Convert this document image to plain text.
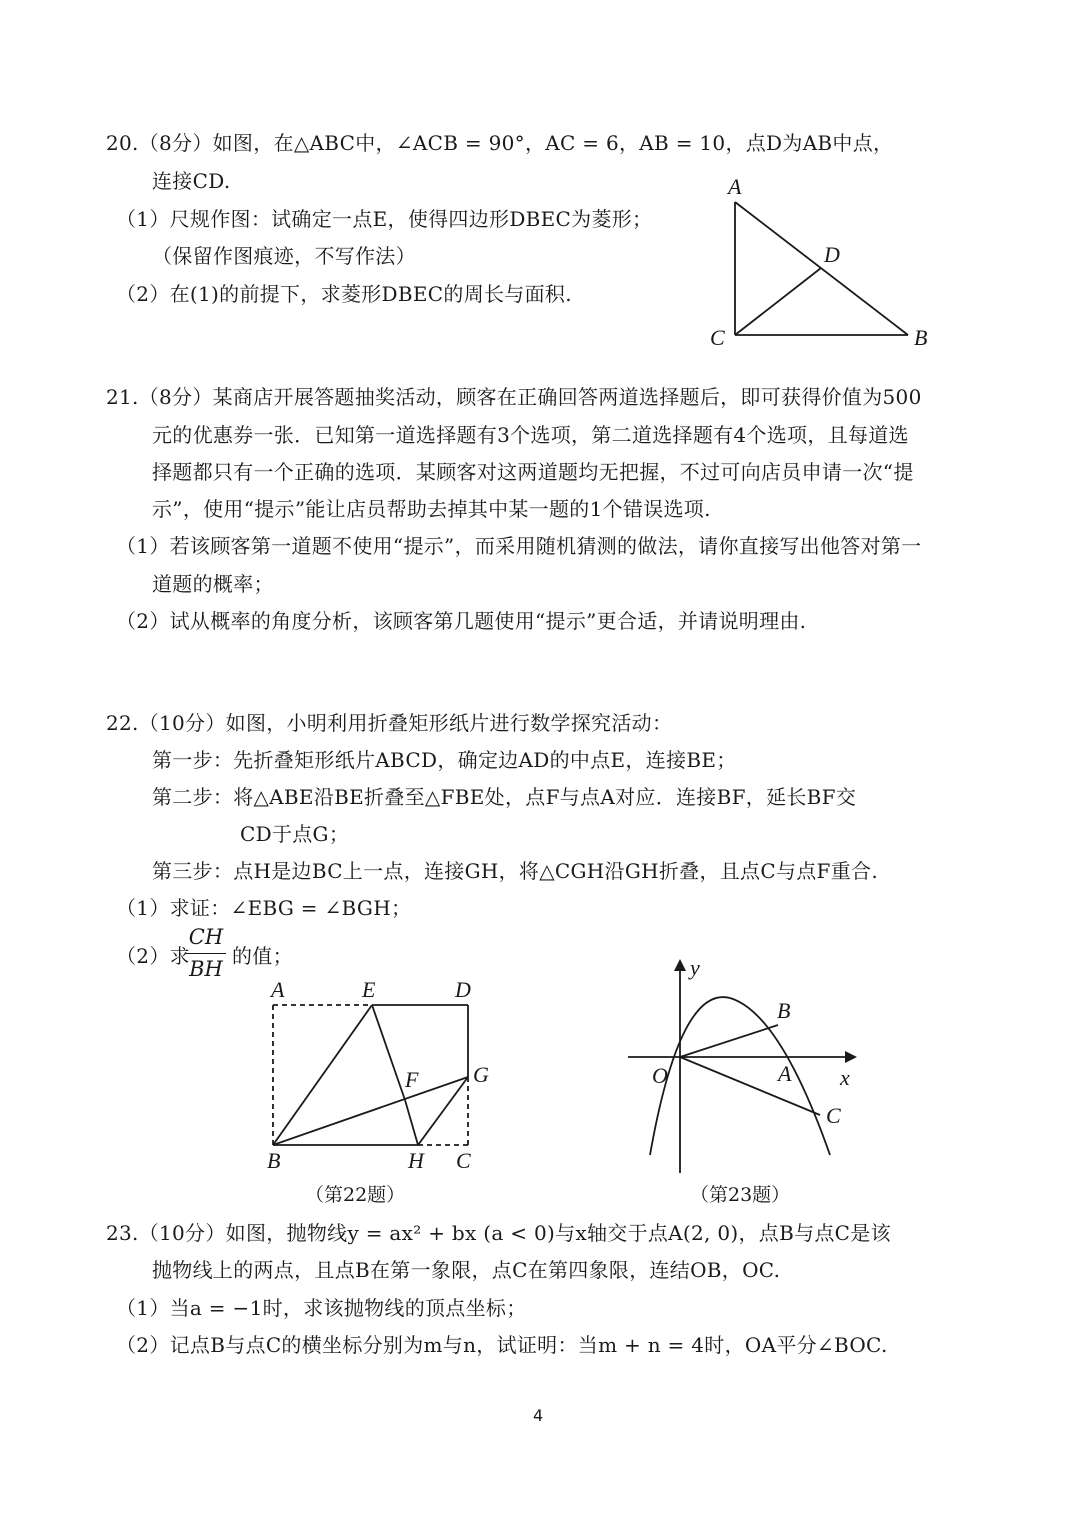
20.（8分）如图，在△ABC中，∠ACB = 90°，AC = 6，AB = 10，点D为AB中点，
连接CD.
（1）尺规作图：试确定一点E，使得四边形DBEC为菱形；
（保留作图痕迹，不写作法）
（2）在(1)的前提下，求菱形DBEC的周长与面积.
A
D
C	B
21.（8分）某商店开展答题抽奖活动，顾客在正确回答两道选择题后，即可获得价值为500
元的优惠券一张．已知第一道选择题有3个选项，第二道选择题有4个选项，且每道选
择题都只有一个正确的选项．某顾客对这两道题均无把握，不过可向店员申请一次“提
示”，使用“提示”能让店员帮助去掉其中某一题的1个错误选项.
（1）若该顾客第一道题不使用“提示”，而采用随机猜测的做法，请你直接写出他答对第一
道题的概率；
（2）试从概率的角度分析，该顾客第几题使用“提示”更合适，并请说明理由.
22.（10分）如图，小明利用折叠矩形纸片进行数学探究活动：
第一步：先折叠矩形纸片ABCD，确定边AD的中点E，连接BE；
第二步：将△ABE沿BE折叠至△FBE处，点F与点A对应．连接BF，延长BF交
CD于点G；
第三步：点H是边BC上一点，连接GH，将△CGH沿GH折叠，且点C与点F重合.
（1）求证：∠EBG = ∠BGH；
（2）求
CH
BH
的值；
A	E	D
F G
B	H C
（第22题）
y
x
O	A
B
C
（第23题）
23.（10分）如图，抛物线y = ax² + bx (a < 0)与x轴交于点A(2, 0)，点B与点C是该
抛物线上的两点，且点B在第一象限，点C在第四象限，连结OB，OC.
（1）当a = −1时，求该抛物线的顶点坐标；
（2）记点B与点C的横坐标分别为m与n，试证明：当m + n = 4时，OA平分∠BOC.
4
